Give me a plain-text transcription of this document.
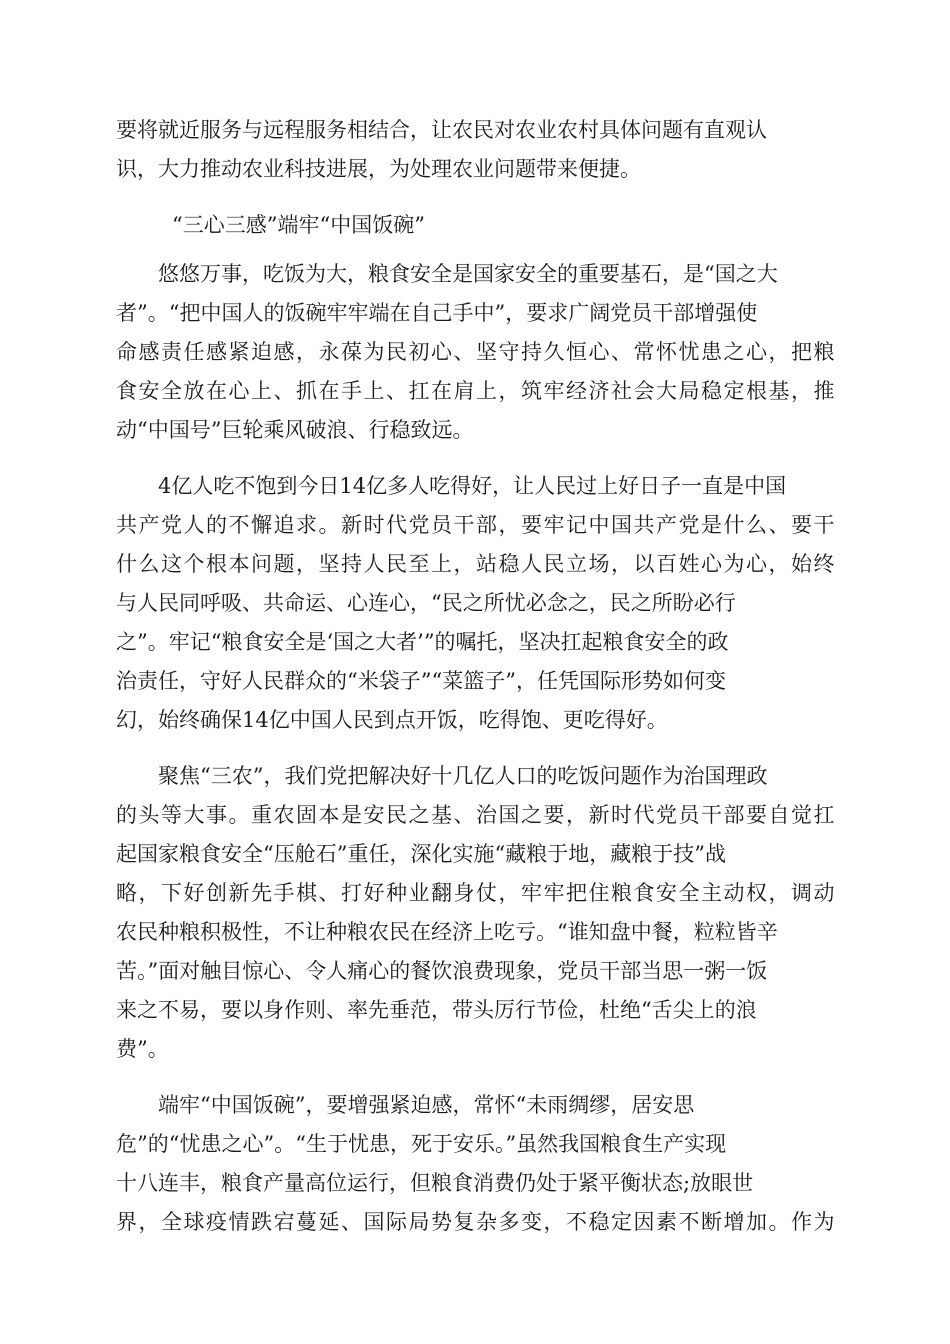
要将就近服务与远程服务相结合，让农民对农业农村具体问题有直观认
识，大力推动农业科技进展，为处理农业问题带来便捷。
“三心三感”端牢“中国饭碗”
悠悠万事，吃饭为大，粮食安全是国家安全的重要基石，是“国之大
者”。“把中国人的饭碗牢牢端在自己手中”，要求广阔党员干部增强使
命感责任感紧迫感，永葆为民初心、坚守持久恒心、常怀忧患之心，把粮
食安全放在心上、抓在手上、扛在肩上，筑牢经济社会大局稳定根基，推
动“中国号”巨轮乘风破浪、行稳致远。
4亿人吃不饱到今日14亿多人吃得好，让人民过上好日子一直是中国
共产党人的不懈追求。新时代党员干部，要牢记中国共产党是什么、要干
什么这个根本问题，坚持人民至上，站稳人民立场，以百姓心为心，始终
与人民同呼吸、共命运、心连心，“民之所忧必念之，民之所盼必行
之”。牢记“粮食安全是‘国之大者’”的嘱托，坚决扛起粮食安全的政
治责任，守好人民群众的“米袋子”“菜篮子”，任凭国际形势如何变
幻，始终确保14亿中国人民到点开饭，吃得饱、更吃得好。
聚焦“三农”，我们党把解决好十几亿人口的吃饭问题作为治国理政
的头等大事。重农固本是安民之基、治国之要，新时代党员干部要自觉扛
起国家粮食安全“压舱石”重任，深化实施“藏粮于地，藏粮于技”战
略，下好创新先手棋、打好种业翻身仗，牢牢把住粮食安全主动权，调动
农民种粮积极性，不让种粮农民在经济上吃亏。“谁知盘中餐，粒粒皆辛
苦。”面对触目惊心、令人痛心的餐饮浪费现象，党员干部当思一粥一饭
来之不易，要以身作则、率先垂范，带头厉行节俭，杜绝“舌尖上的浪
费”。
端牢“中国饭碗”，要增强紧迫感，常怀“未雨绸缪，居安思
危”的“忧患之心”。“生于忧患，死于安乐。”虽然我国粮食生产实现
十八连丰，粮食产量高位运行，但粮食消费仍处于紧平衡状态;放眼世
界，全球疫情跌宕蔓延、国际局势复杂多变，不稳定因素不断增加。作为
